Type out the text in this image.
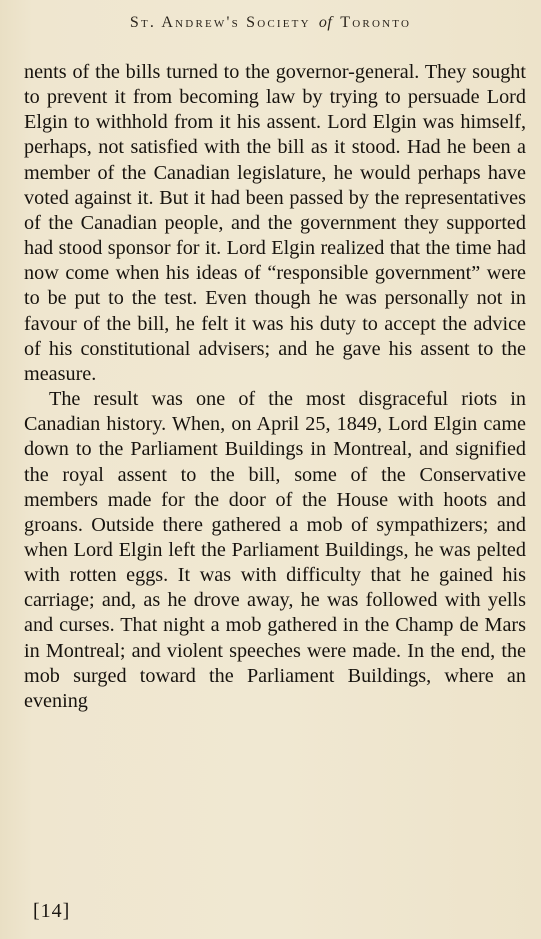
St. Andrew's Society of Toronto

nents of the bills turned to the governor-general. They sought to prevent it from becoming law by trying to persuade Lord Elgin to withhold from it his assent. Lord Elgin was himself, perhaps, not satisfied with the bill as it stood. Had he been a member of the Canadian legislature, he would perhaps have voted against it. But it had been passed by the representatives of the Canadian people, and the government they supported had stood sponsor for it. Lord Elgin realized that the time had now come when his ideas of “responsible government” were to be put to the test. Even though he was personally not in favour of the bill, he felt it was his duty to accept the advice of his constitutional advisers; and he gave his assent to the measure.

The result was one of the most disgraceful riots in Canadian history. When, on April 25, 1849, Lord Elgin came down to the Parliament Buildings in Montreal, and signified the royal assent to the bill, some of the Conservative members made for the door of the House with hoots and groans. Outside there gathered a mob of sympathizers; and when Lord Elgin left the Parliament Buildings, he was pelted with rotten eggs. It was with difficulty that he gained his carriage; and, as he drove away, he was followed with yells and curses. That night a mob gathered in the Champ de Mars in Montreal; and violent speeches were made. In the end, the mob surged toward the Parliament Buildings, where an evening

[14]
